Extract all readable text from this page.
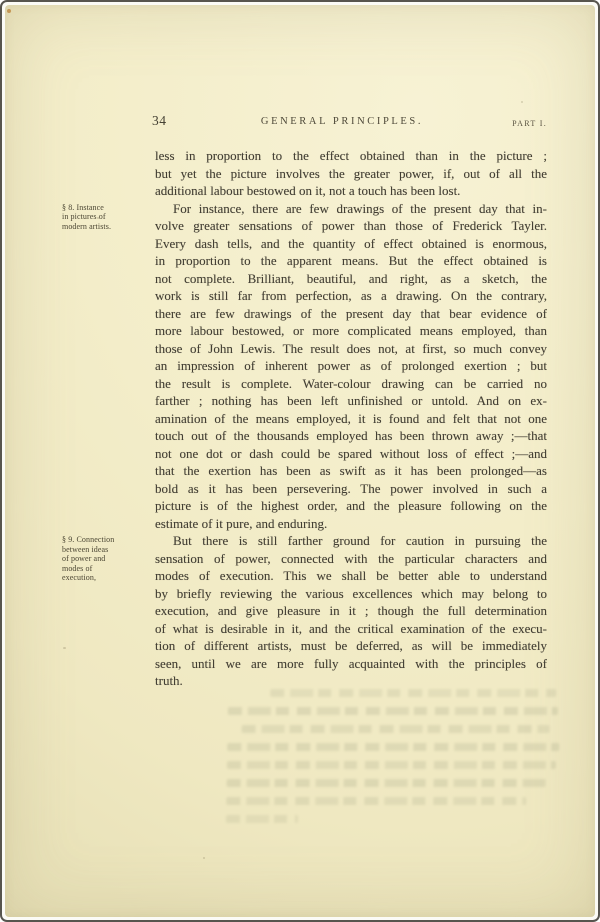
34	GENERAL PRINCIPLES.	PART I.
less in proportion to the effect obtained than in the picture ;
but yet the picture involves the greater power, if, out of all the
additional labour bestowed on it, not a touch has been lost.
§ 8. Instance
in pictures of
modern artists.
For instance, there are few drawings of the present day that in-
volve greater sensations of power than those of Frederick Tayler.
Every dash tells, and the quantity of effect obtained is enormous,
in proportion to the apparent means. But the effect obtained is
not complete. Brilliant, beautiful, and right, as a sketch, the
work is still far from perfection, as a drawing. On the contrary,
there are few drawings of the present day that bear evidence of
more labour bestowed, or more complicated means employed, than
those of John Lewis. The result does not, at first, so much convey
an impression of inherent power as of prolonged exertion ; but
the result is complete. Water-colour drawing can be carried no
farther ; nothing has been left unfinished or untold. And on ex-
amination of the means employed, it is found and felt that not one
touch out of the thousands employed has been thrown away ;—that
not one dot or dash could be spared without loss of effect ;—and
that the exertion has been as swift as it has been prolonged—as
bold as it has been persevering. The power involved in such a
picture is of the highest order, and the pleasure following on the
estimate of it pure, and enduring.
§ 9. Connection
between ideas
of power and
modes of
execution,
But there is still farther ground for caution in pursuing the
sensation of power, connected with the particular characters and
modes of execution. This we shall be better able to understand
by briefly reviewing the various excellences which may belong to
execution, and give pleasure in it ; though the full determination
of what is desirable in it, and the critical examination of the execu-
tion of different artists, must be deferred, as will be immediately
seen, until we are more fully acquainted with the principles of
truth.
